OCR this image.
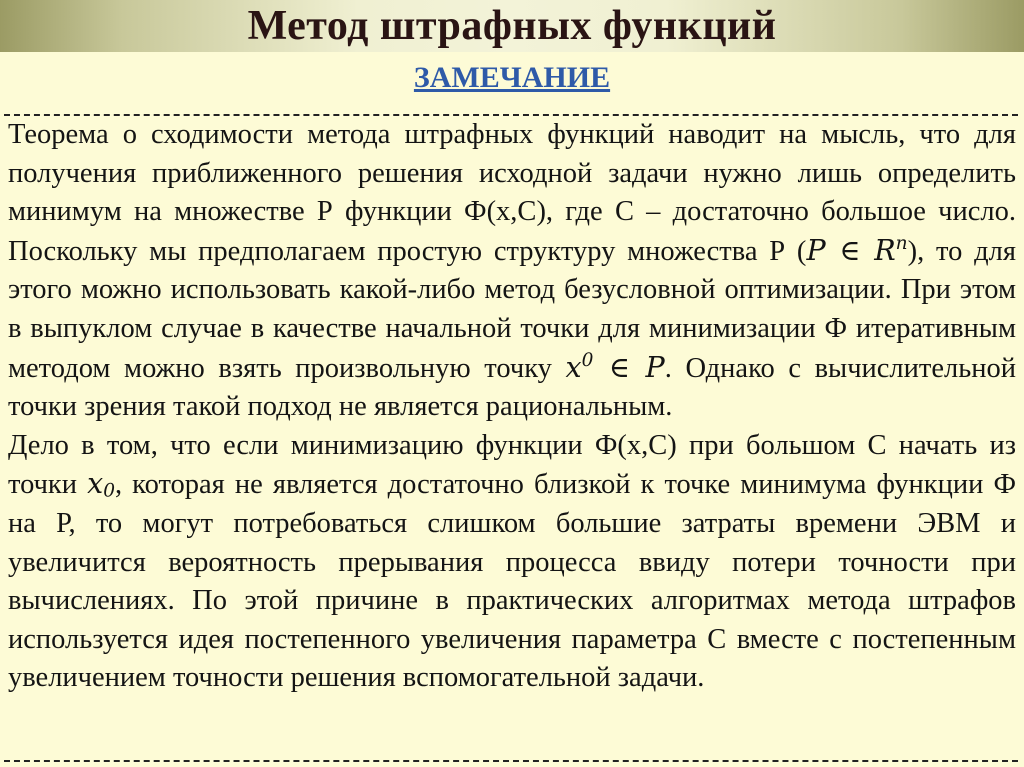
Метод штрафных функций
ЗАМЕЧАНИЕ

Теорема о сходимости метода штрафных функций наводит на мысль, что для получения приближенного решения исходной задачи нужно лишь определить минимум на множестве Р функции Ф(x,C), где С – достаточно большое число. Поскольку мы предполагаем простую структуру множества Р (P ∈ $R^n$), то для этого можно использовать какой-либо метод безусловной оптимизации. При этом в выпуклом случае в качестве начальной точки для минимизации Ф итеративным методом можно взять произвольную точку $x^0$ ∈ P. Однако с вычислительной точки зрения такой подход не является рациональным.

Дело в том, что если минимизацию функции Ф(x,C) при большом С начать из точки $x_0$, которая не является достаточно близкой к точке минимума функции Ф на Р, то могут потребоваться слишком большие затраты времени ЭВМ и увеличится вероятность прерывания процесса ввиду потери точности при вычислениях. По этой причине в практических алгоритмах метода штрафов используется идея постепенного увеличения параметра С вместе с постепенным увеличением точности решения вспомогательной задачи.
